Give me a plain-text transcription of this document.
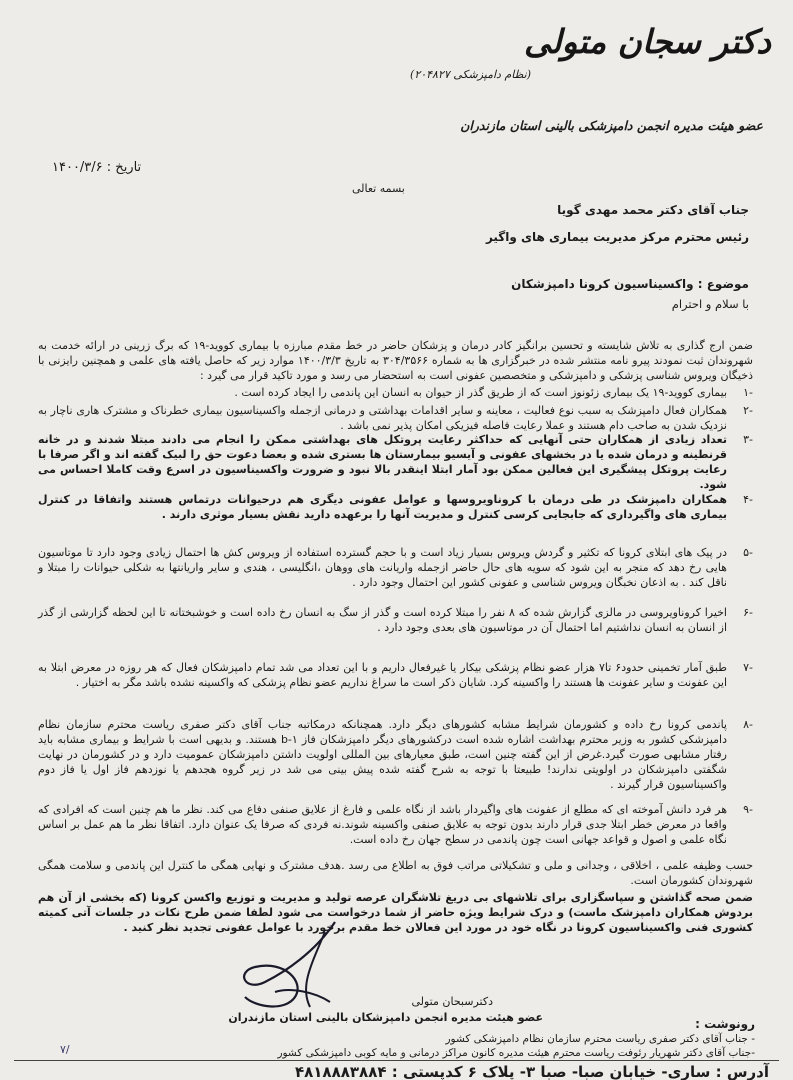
دکتر سجان متولی
(نظام دامپزشکی ۲۰۴۸۲۷)
عضو هیئت مدیره انجمن دامپزشکی بالینی استان مازندران
تاریخ : ۱۴۰۰/۳/۶
بسمه تعالی
جناب آقای دکتر محمد مهدی گویا
رئیس محترم مرکز مدیریت بیماری های واگیر
موضوع : واکسیناسیون کرونا دامپزشکان
با سلام و احترام
ضمن ارج گذاری به تلاش شایسته و تحسین برانگیز کادر درمان و پزشکان حاضر در خط مقدم مبارزه با بیماری کووید-۱۹ که برگ زرینی در ارائه خدمت به شهروندان ثبت نمودند پیرو نامه منتشر شده در خبرگزاری ها به شماره ۳۰۴/۳۵۶۶ به تاریخ ۱۴۰۰/۳/۳ موارد زیر که حاصل یافته های علمی و همچنین رایزنی با ذخیگان ویروس شناسی پزشکی و دامپزشکی و متخصصین عفونی است به استحضار می رسد و مورد تاکید قرار می گیرد :
-۱
بیماری کووید-۱۹ یک بیماری زئونوز است که از طریق گذر از حیوان به انسان این پاندمی را ایجاد کرده است .
-۲
همکاران فعال دامپزشک به سبب نوع فعالیت ، معاینه و سایر اقدامات بهداشتی و درمانی ازجمله واکسیناسیون بیماری خطرناک و مشترک هاری ناچار به نزدیک شدن به صاحب دام هستند و عملا رعایت فاصله فیزیکی امکان پذیر نمی باشد .
-۳
تعداد زیادی از همکاران حتی آنهایی که حداکثر رعایت پروتکل های بهداشتی ممکن را انجام می دادند مبتلا شدند و در خانه قرنطینه و درمان شده یا در بخشهای عفونی و آیسیو بیمارستان ها بستری شده و بعضا دعوت حق را لبیک گفته اند و اگر صرفا با رعایت پروتکل پیشگیری این فعالین ممکن بود آمار ابتلا اینقدر بالا نبود و ضرورت واکسیناسیون در اسرع وقت کاملا احساس می شود.
-۴
همکاران دامپزشک در طی درمان با کروناویروسها و عوامل عفونی دیگری هم درحیوانات درتماس هستند واتفاقا در کنترل بیماری های واگیرداری که جابجایی کرسی کنترل و مدیریت آنها را برعهده دارید نقش بسیار موثری دارند .
-۵
در پیک های ابتلای کرونا که تکثیر و گردش ویروس بسیار زیاد است و با حجم گسترده استفاده از ویروس کش ها احتمال زیادی وجود دارد تا موتاسیون هایی رخ دهد که منجر به این شود که سویه های حال حاضر ازجمله واریانت های ووهان ،انگلیسی ، هندی و سایر واریانتها به شکلی حیوانات را مبتلا و ناقل کند . به اذعان نخبگان ویروس شناسی و عفونی کشور این احتمال وجود دارد .
-۶
اخیرا کروناویروسی در مالزی گزارش شده که ۸ نفر را مبتلا کرده است و گذر از سگ به انسان رخ داده است و خوشبختانه تا این لحظه گزارشی از گذر از انسان به انسان نداشتیم اما احتمال آن در موتاسیون های بعدی وجود دارد .
-۷
طبق آمار تخمینی حدود۶ تا۷ هزار عضو نظام پزشکی بیکار یا غیرفعال داریم و با این تعداد می شد تمام دامپزشکان فعال که هر روزه در معرض ابتلا به این عفونت و سایر عفونت ها هستند را واکسینه کرد. شایان ذکر است ما سراغ نداریم عضو نظام پزشکی که واکسینه نشده باشد مگر به اختیار .
-۸
پاندمی کرونا رخ داده و کشورمان شرایط مشابه کشورهای دیگر دارد. همچنانکه درمکاتبه جناب آقای دکتر صفری ریاست محترم سازمان نظام دامپزشکی کشور به وزیر محترم بهداشت اشاره شده است درکشورهای دیگر دامپزشکان فاز b-۱ هستند. و بدیهی است با شرایط و بیماری مشابه باید رفتار مشابهی صورت گیرد.غرض از این گفته چنین است، طبق معیارهای بین المللی اولویت داشتن دامپزشکان عمومیت دارد و در کشورمان در نهایت شگفتی دامپزشکان در اولویتی ندارند! طبیعتا با توجه به شرح گفته شده پیش بینی می شد در زیر گروه هجدهم یا نوزدهم فاز اول یا فاز دوم واکسیناسیون قرار گیرند .
-۹
هر فرد دانش آموخته ای که مطلع از عفونت های واگیردار باشد از نگاه علمی و فارغ از علایق صنفی دفاع می کند. نظر ما هم چنین است که افرادی که واقعا در معرض خطر ابتلا جدی قرار دارند بدون توجه به علایق صنفی واکسینه شوند.نه فردی که صرفا یک عنوان دارد. اتفاقا نظر ما هم عمل بر اساس نگاه علمی و اصول و قواعد جهانی است چون پاندمی در سطح جهان رخ داده است.
حسب وظیفه علمی ، اخلاقی ، وجدانی و ملی و تشکیلاتی مراتب فوق به اطلاع می رسد .هدف مشترک و نهایی همگی ما کنترل این پاندمی و سلامت همگی شهروندان کشورمان است.
ضمن صحه گذاشتن و سپاسگزاری برای تلاشهای بی دریغ تلاشگران عرصه تولید و مدیریت و توزیع واکسن کرونا (که بخشی از آن هم بردوش همکاران دامپزشک ماست) و درک شرایط ویژه حاضر از شما درخواست می شود لطفا ضمن طرح نکات در جلسات آتی کمیته کشوری فنی واکسیناسیون کرونا در نگاه خود در مورد این فعالان خط مقدم برخورد با عوامل عفونی تجدید نظر کنید .
دکترسبحان متولی
عضو هیئت مدیره انجمن دامپزشکان بالینی استان مازندران	رونوشت :
- جناب آقای دکتر صفری ریاست محترم سازمان نظام دامپزشکی کشور
-جناب آقای دکتر شهریار رئوفت ریاست محترم هیئت مدیره کانون مراکز درمانی و مایه کوبی دامپزشکی کشور
/۷
آدرس : ساری- خیابان صبا- صبا ۳- پلاک ۶ کدپستی : ۴۸۱۸۸۸۳۸۸۴
